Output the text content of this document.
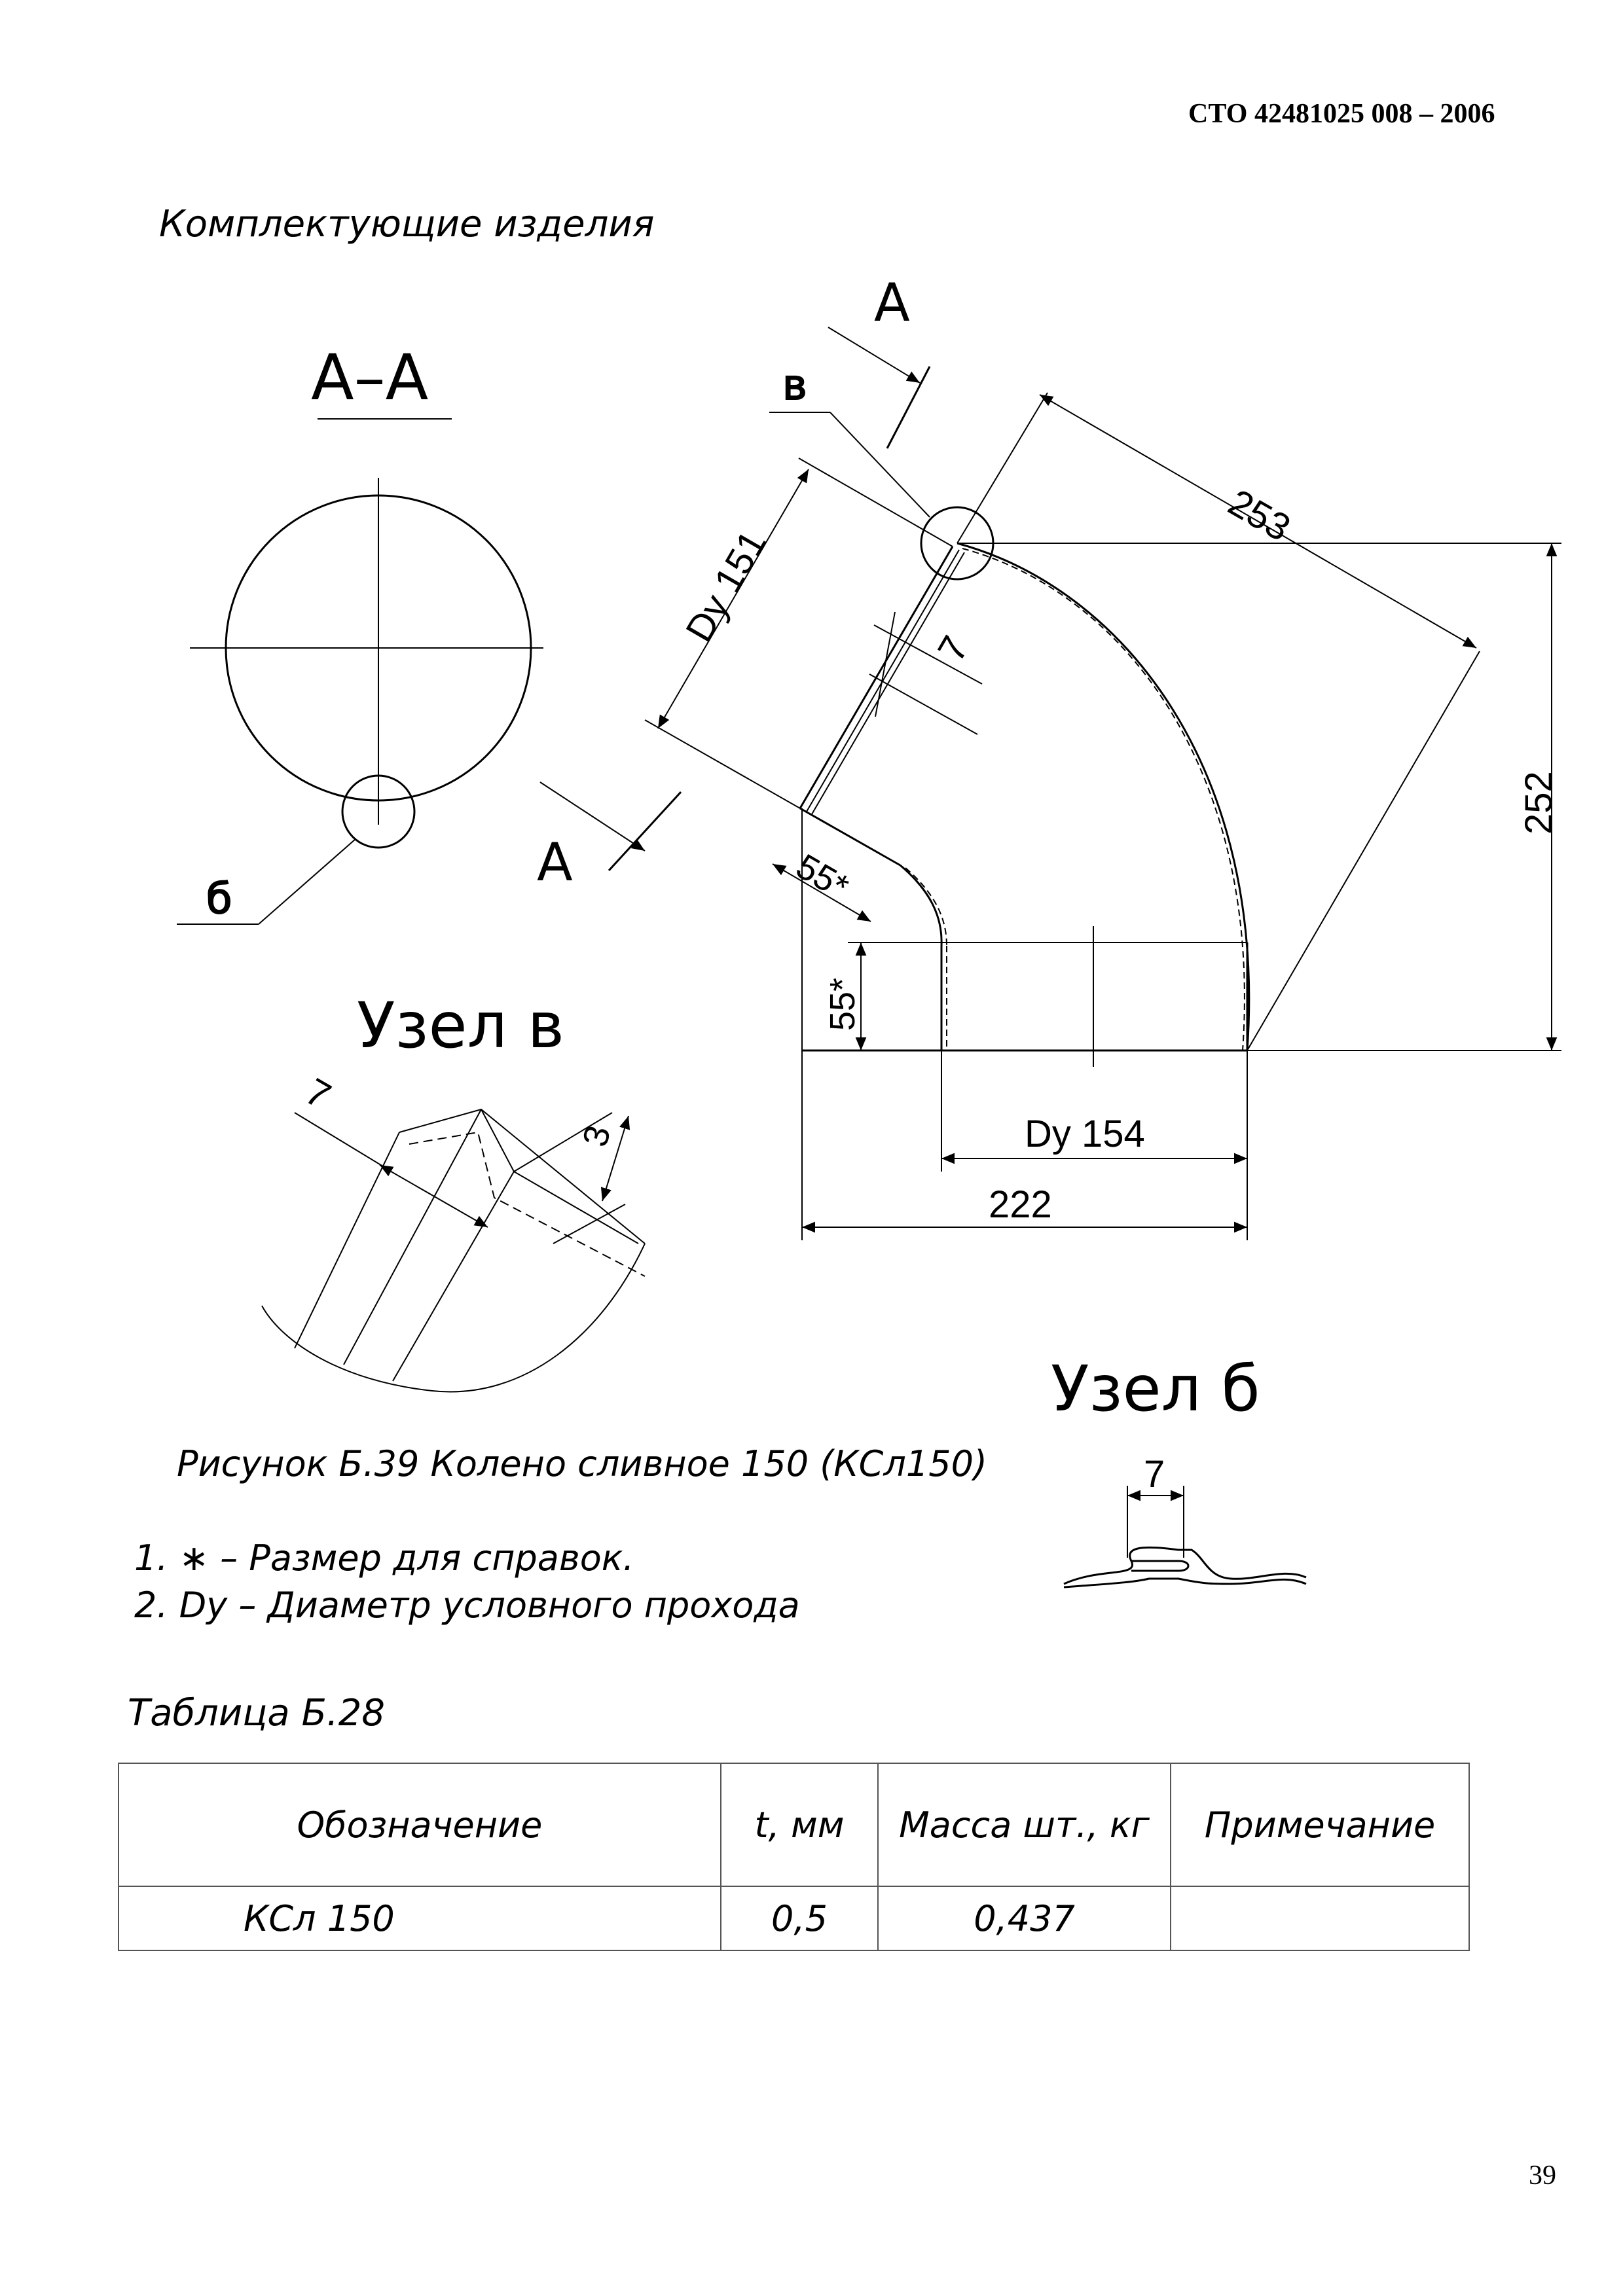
СТО 42481025 008 – 2006
Комплектующие изделия
А–А
б
А
А
в
Dy 151
253
252
7
55*
55*
Dy 154
222
Узел в
7
3
Узел б
7
Рисунок Б.39 Колено сливное 150 (КСл150)
1. ∗ – Размер для справок.
2. Dy – Диаметр условного прохода
Таблица Б.28
Обозначение	t, мм	Масса шт., кг	Примечание
КСл 150	0,5	0,437	
39
